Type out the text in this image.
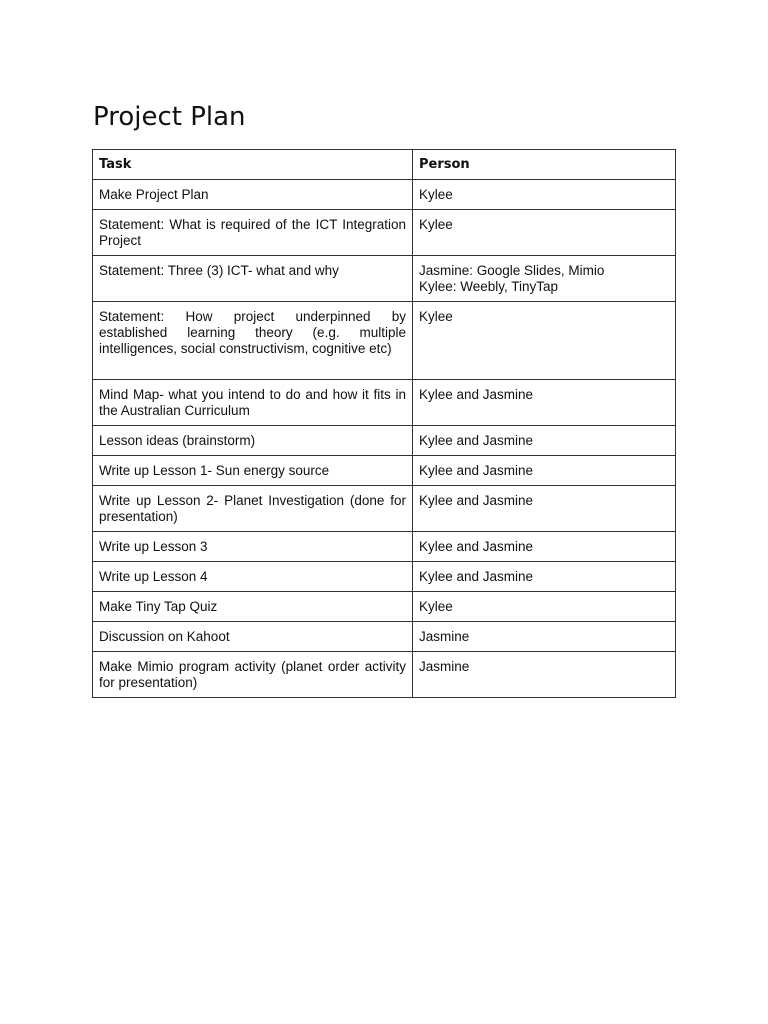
Project Plan
Task	Person
Make Project Plan	Kylee

Statement: What is required of the ICT Integration Project	Kylee

Statement: Three (3) ICT- what and why	Jasmine: Google Slides, Mimio
Kylee: Weebly, TinyTap

Statement: How project underpinned by established learning theory (e.g. multiple intelligences, social constructivism, cognitive etc)	Kylee

Mind Map- what you intend to do and how it fits in the Australian Curriculum	Kylee and Jasmine

Lesson ideas (brainstorm)	Kylee and Jasmine

Write up Lesson 1- Sun energy source	Kylee and Jasmine

Write up Lesson 2- Planet Investigation (done for presentation)	Kylee and Jasmine

Write up Lesson 3	Kylee and Jasmine

Write up Lesson 4	Kylee and Jasmine

Make Tiny Tap Quiz	Kylee

Discussion on Kahoot	Jasmine

Make Mimio program activity (planet order activity for presentation)	Jasmine
